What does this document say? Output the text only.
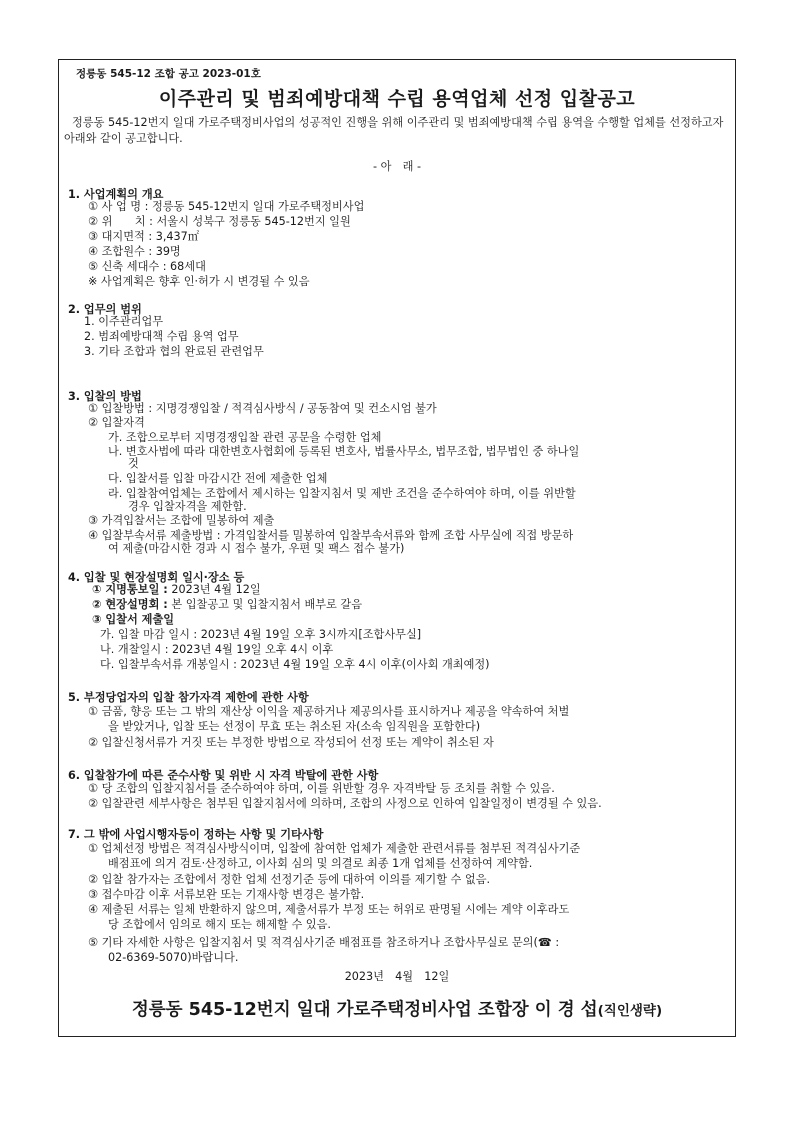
정릉동 545-12 조합 공고 2023-01호
이주관리 및 범죄예방대책 수립 용역업체 선정 입찰공고

정릉동 545-12번지 일대 가로주택정비사업의 성공적인 진행을 위해 이주관리 및 범죄예방대책 수립 용역을 수행할 업체를 선정하고자 아래와 같이 공고합니다.

- 아　래 -
1. 사업계획의 개요
① 사 업 명 : 정릉동 545-12번지 일대 가로주택정비사업
② 위　　치 : 서울시 성북구 정릉동 545-12번지 일원
③ 대지면적 : 3,437㎡
④ 조합원수 : 39명
⑤ 신축 세대수 : 68세대
※ 사업계획은 향후 인·허가 시 변경될 수 있음
2. 업무의 범위
1. 이주관리업무
2. 범죄예방대책 수립 용역 업무
3. 기타 조합과 협의 완료된 관련업무
3. 입찰의 방법
① 입찰방법 : 지명경쟁입찰 / 적격심사방식 / 공동참여 및 컨소시엄 불가
② 입찰자격
가. 조합으로부터 지명경쟁입찰 관련 공문을 수령한 업체
나. 변호사법에 따라 대한변호사협회에 등록된 변호사, 법률사무소, 법무조합, 법무법인 중 하나일
것
다. 입찰서를 입찰 마감시간 전에 제출한 업체
라. 입찰참여업체는 조합에서 제시하는 입찰지침서 및 제반 조건을 준수하여야 하며, 이를 위반할
경우 입찰자격을 제한함.
③ 가격입찰서는 조합에 밀봉하여 제출
④ 입찰부속서류 제출방법 : 가격입찰서를 밀봉하여 입찰부속서류와 함께 조합 사무실에 직접 방문하
여 제출(마감시한 경과 시 접수 불가, 우편 및 팩스 접수 불가)
4. 입찰 및 현장설명회 일시·장소 등
① 지명통보일 : 2023년 4월 12일
② 현장설명회 : 본 입찰공고 및 입찰지침서 배부로 갈음
③ 입찰서 제출일
가. 입찰 마감 일시 : 2023년 4월 19일 오후 3시까지[조합사무실]
나. 개찰일시 : 2023년 4월 19일 오후 4시 이후
다. 입찰부속서류 개봉일시 : 2023년 4월 19일 오후 4시 이후(이사회 개최예정)
5. 부정당업자의 입찰 참가자격 제한에 관한 사항
① 금품, 향응 또는 그 밖의 재산상 이익을 제공하거나 제공의사를 표시하거나 제공을 약속하여 처벌
을 받았거나, 입찰 또는 선정이 무효 또는 취소된 자(소속 임직원을 포함한다)
② 입찰신청서류가 거짓 또는 부정한 방법으로 작성되어 선정 또는 계약이 취소된 자
6. 입찰참가에 따른 준수사항 및 위반 시 자격 박탈에 관한 사항
① 당 조합의 입찰지침서를 준수하여야 하며, 이를 위반할 경우 자격박탈 등 조치를 취할 수 있음.
② 입찰관련 세부사항은 첨부된 입찰지침서에 의하며, 조합의 사정으로 인하여 입찰일정이 변경될 수 있음.
7. 그 밖에 사업시행자등이 정하는 사항 및 기타사항
① 업체선정 방법은 적격심사방식이며, 입찰에 참여한 업체가 제출한 관련서류를 첨부된 적격심사기준
배점표에 의거 검토·산정하고, 이사회 심의 및 의결로 최종 1개 업체를 선정하여 계약함.
② 입찰 참가자는 조합에서 정한 업체 선정기준 등에 대하여 이의를 제기할 수 없음.
③ 접수마감 이후 서류보완 또는 기재사항 변경은 불가함.
④ 제출된 서류는 일체 반환하지 않으며, 제출서류가 부정 또는 허위로 판명될 시에는 계약 이후라도
당 조합에서 임의로 해지 또는 해제할 수 있음.
⑤ 기타 자세한 사항은 입찰지침서 및 적격심사기준 배점표를 참조하거나 조합사무실로 문의(☎ :
02-6369-5070)바랍니다.
2023년　4월　12일
정릉동 545-12번지 일대 가로주택정비사업 조합장 이 경 섭(직인생략)
